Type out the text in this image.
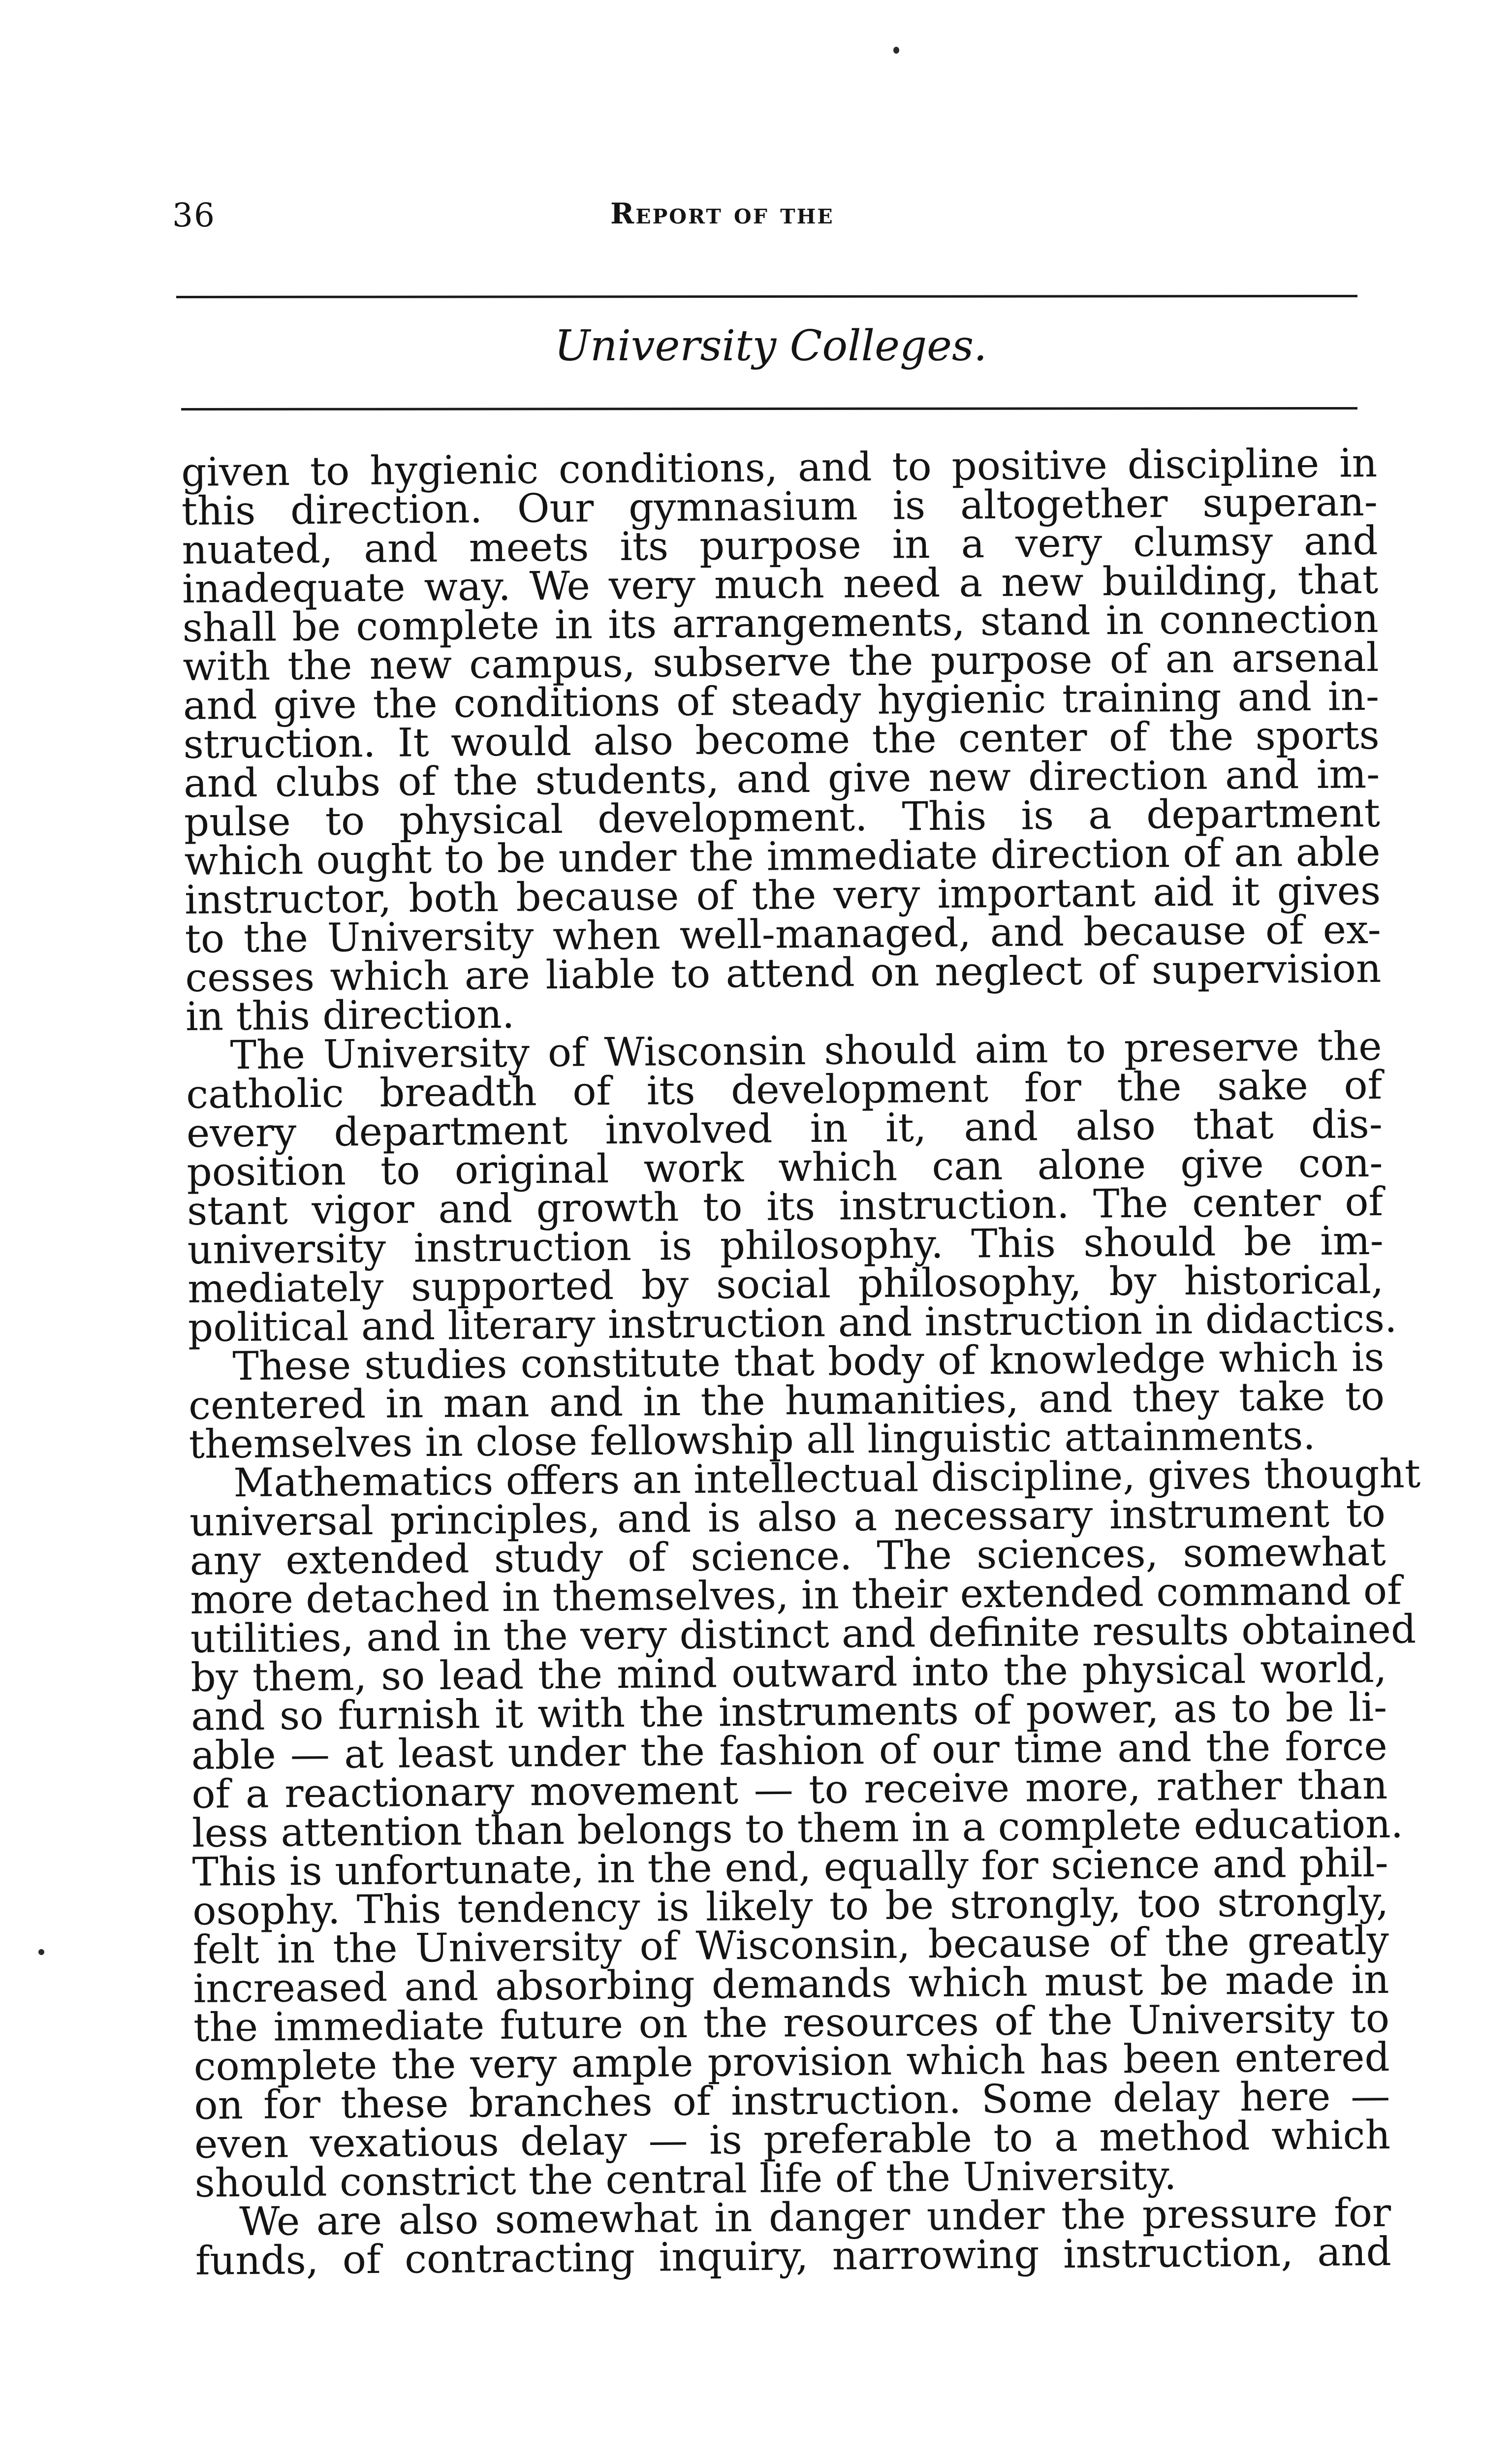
36	Report of the
University Colleges.
given to hygienic conditions, and to positive discipline in
this direction. Our gymnasium is altogether superan-
nuated, and meets its purpose in a very clumsy and
inadequate way. We very much need a new building, that
shall be complete in its arrangements, stand in connection
with the new campus, subserve the purpose of an arsenal
and give the conditions of steady hygienic training and in-
struction. It would also become the center of the sports
and clubs of the students, and give new direction and im-
pulse to physical development. This is a department
which ought to be under the immediate direction of an able
instructor, both because of the very important aid it gives
to the University when well-managed, and because of ex-
cesses which are liable to attend on neglect of supervision
in this direction.
The University of Wisconsin should aim to preserve the
catholic breadth of its development for the sake of
every department involved in it, and also that dis-
position to original work which can alone give con-
stant vigor and growth to its instruction. The center of
university instruction is philosophy. This should be im-
mediately supported by social philosophy, by historical,
political and literary instruction and instruction in didactics.
These studies constitute that body of knowledge which is
centered in man and in the humanities, and they take to
themselves in close fellowship all linguistic attainments.
Mathematics offers an intellectual discipline, gives thought
universal principles, and is also a necessary instrument to
any extended study of science. The sciences, somewhat
more detached in themselves, in their extended command of
utilities, and in the very distinct and definite results obtained
by them, so lead the mind outward into the physical world,
and so furnish it with the instruments of power, as to be li-
able — at least under the fashion of our time and the force
of a reactionary movement — to receive more, rather than
less attention than belongs to them in a complete education.
This is unfortunate, in the end, equally for science and phil-
osophy. This tendency is likely to be strongly, too strongly,
felt in the University of Wisconsin, because of the greatly
increased and absorbing demands which must be made in
the immediate future on the resources of the University to
complete the very ample provision which has been entered
on for these branches of instruction. Some delay here —
even vexatious delay — is preferable to a method which
should constrict the central life of the University.
We are also somewhat in danger under the pressure for
funds, of contracting inquiry, narrowing instruction, and
